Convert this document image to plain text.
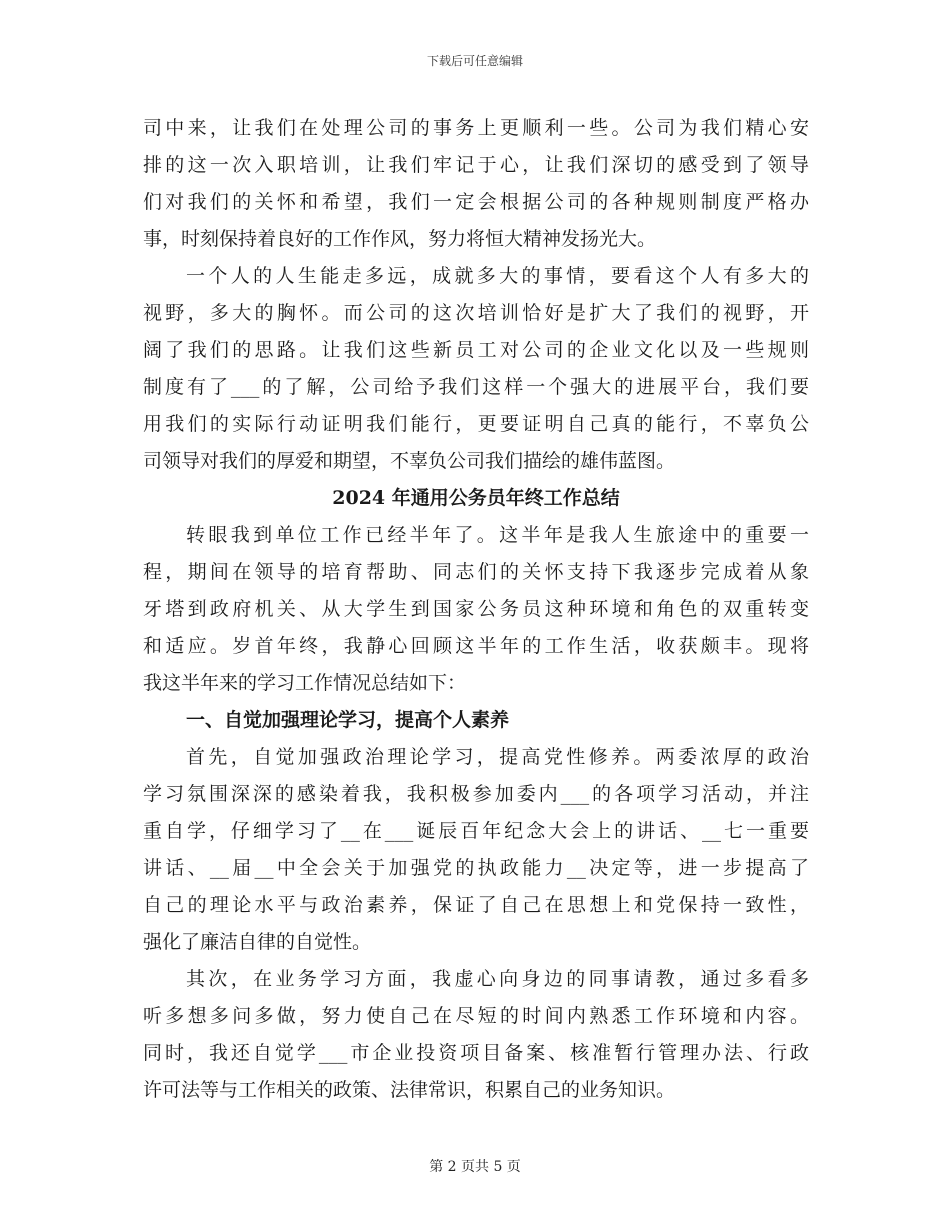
下载后可任意编辑
司中来，让我们在处理公司的事务上更顺利一些。公司为我们精心安
排的这一次入职培训，让我们牢记于心，让我们深切的感受到了领导
们对我们的关怀和希望，我们一定会根据公司的各种规则制度严格办
事，时刻保持着良好的工作作风，努力将恒大精神发扬光大。
一个人的人生能走多远，成就多大的事情，要看这个人有多大的
视野，多大的胸怀。而公司的这次培训恰好是扩大了我们的视野，开
阔了我们的思路。让我们这些新员工对公司的企业文化以及一些规则
制度有了___的了解，公司给予我们这样一个强大的进展平台，我们要
用我们的实际行动证明我们能行，更要证明自己真的能行，不辜负公
司领导对我们的厚爱和期望，不辜负公司我们描绘的雄伟蓝图。
2024 年通用公务员年终工作总结
转眼我到单位工作已经半年了。这半年是我人生旅途中的重要一
程，期间在领导的培育帮助、同志们的关怀支持下我逐步完成着从象
牙塔到政府机关、从大学生到国家公务员这种环境和角色的双重转变
和适应。岁首年终，我静心回顾这半年的工作生活，收获颇丰。现将
我这半年来的学习工作情况总结如下：
一、自觉加强理论学习，提高个人素养
首先，自觉加强政治理论学习，提高党性修养。两委浓厚的政治
学习氛围深深的感染着我，我积极参加委内___的各项学习活动，并注
重自学，仔细学习了__在___诞辰百年纪念大会上的讲话、__七一重要
讲话、__届__中全会关于加强党的执政能力__决定等，进一步提高了
自己的理论水平与政治素养，保证了自己在思想上和党保持一致性，
强化了廉洁自律的自觉性。
其次，在业务学习方面，我虚心向身边的同事请教，通过多看多
听多想多问多做，努力使自己在尽短的时间内熟悉工作环境和内容。
同时，我还自觉学___市企业投资项目备案、核准暂行管理办法、行政
许可法等与工作相关的政策、法律常识，积累自己的业务知识。
第 2 页共 5 页
